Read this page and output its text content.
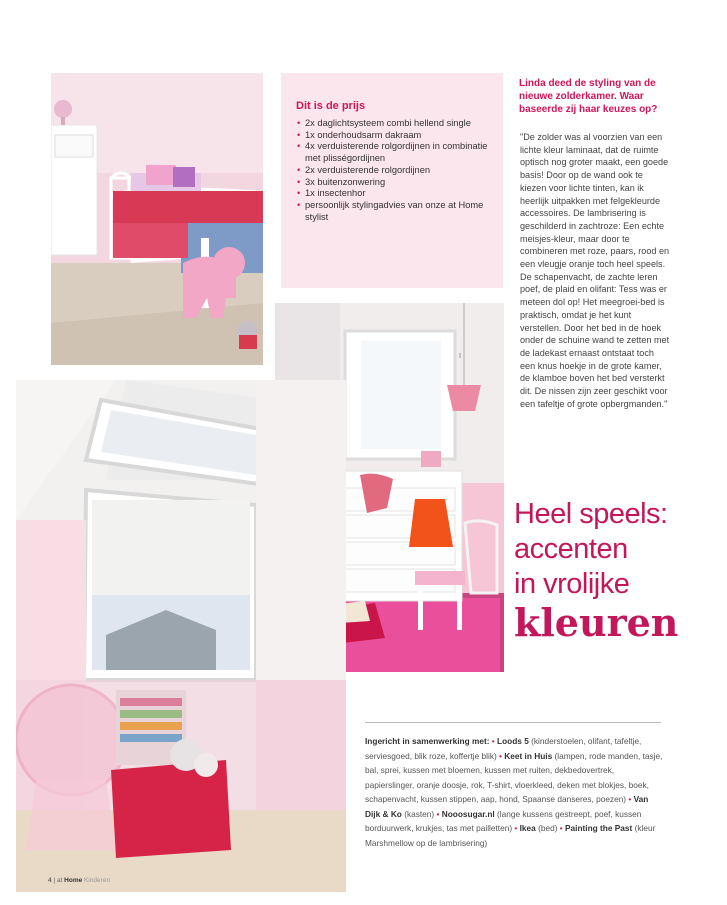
Dit is de prijs
• 2x daglichtsysteem combi hellend single
• 1x onderhoudsarm dakraam
• 4x verduisterende rolgordijnen in combinatie met plisségordijnen
• 2x verduisterende rolgordijnen
• 3x buitenzonwering
• 1x insectenhor
• persoonlijk stylingadvies van onze at Home stylist
Linda deed de styling van de nieuwe zolderkamer. Waar baseerde zij haar keuzes op?
"De zolder was al voorzien van een lichte kleur laminaat, dat de ruimte optisch nog groter maakt, een goede basis! Door op de wand ook te kiezen voor lichte tinten, kan ik heerlijk uitpakken met felgekleurde accessoires. De lambrisering is geschilderd in zachtroze: Een echte meisjes-kleur, maar door te combineren met roze, paars, rood en een vleugje oranje toch heel speels. De schapenvacht, de zachte leren poef, de plaid en olifant: Tess was er meteen dol op! Het meegroei-bed is praktisch, omdat je het kunt verstellen. Door het bed in de hoek onder de schuine wand te zetten met de ladekast ernaast ontstaat toch een knus hoekje in de grote kamer, de klamboe boven het bed versterkt dit. De nissen zijn zeer geschikt voor een tafeltje of grote opbergmanden."
Heel speels:
accenten
in vrolijke
kleuren
Ingericht in samenwerking met: • Loods 5 (kinderstoelen, olifant, tafeltje, serviesgoed, blik roze, koffertje blik) • Keet in Huis (lampen, rode manden, tasje, bal, sprei, kussen met bloemen, kussen met ruiten, dekbedovertrek, papierslinger, oranje doosje, rok, T-shirt, vloerkleed, deken met blokjes, boek, schapenvacht, kussen stippen, aap, hond, Spaanse danseres, poezen) • Van Dijk & Ko (kasten) • Nooosugar.nl (lange kussens gestreept, poef, kussen borduurwerk, krukjes, tas met pailletten) • Ikea (bed) • Painting the Past (kleur Marshmellow op de lambrisering)
4 | at Home Kinderen
